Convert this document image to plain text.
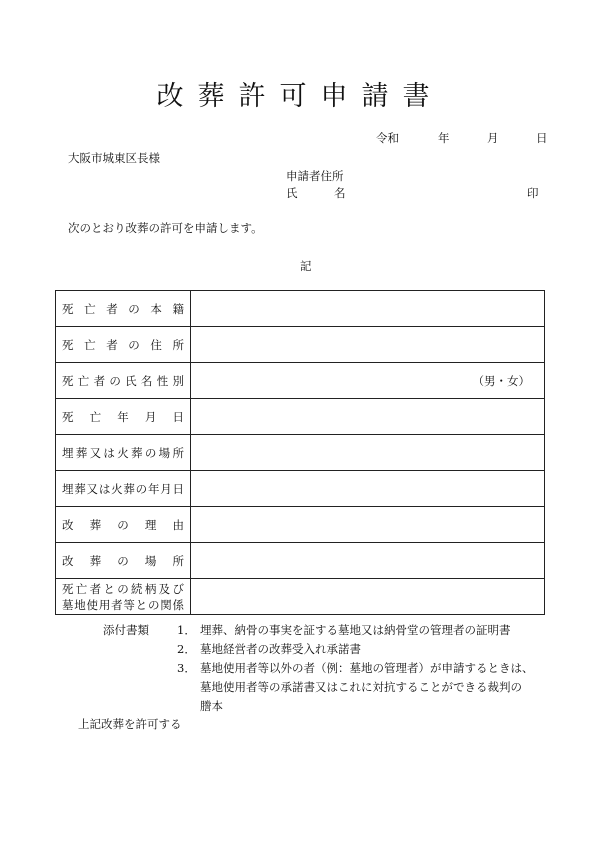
改葬許可申請書
令和	年	月	日
大阪市城東区長様
申請者住所
氏	名	印
次のとおり改葬の許可を申請します。
記
死亡者の本籍	
死亡者の住所	
死亡者の氏名性別	（男・女）
死亡年月日	
埋葬又は火葬の場所	
埋葬又は火葬の年月日	
改葬の理由	
改葬の場所	
死亡者との続柄及び
墓地使用者等との関係	
添付書類 1． 埋葬、納骨の事実を証する墓地又は納骨堂の管理者の証明書
2． 墓地経営者の改葬受入れ承諾書
3． 墓地使用者等以外の者（例：墓地の管理者）が申請するときは、
墓地使用者等の承諾書又はこれに対抗することができる裁判の
謄本
上記改葬を許可する
